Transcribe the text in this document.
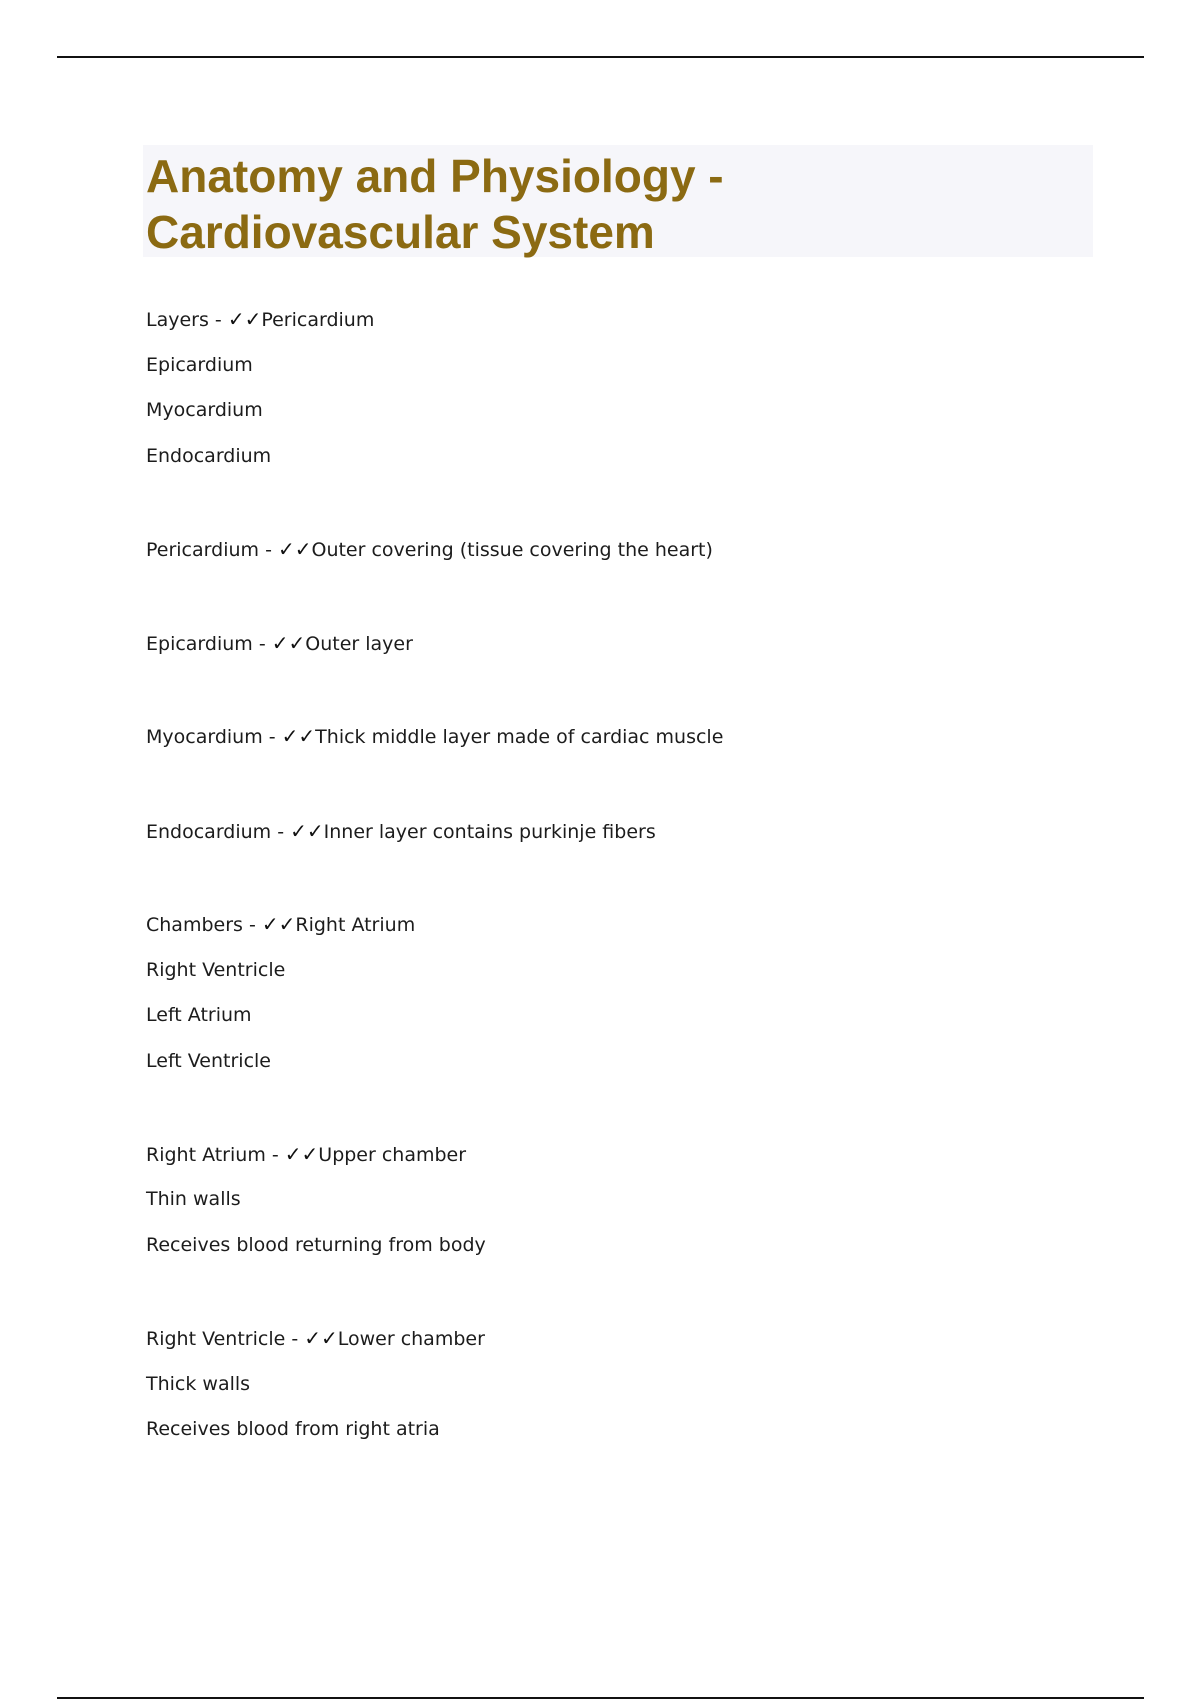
Anatomy and Physiology -
Cardiovascular System

Layers - ✓✓Pericardium

Epicardium

Myocardium

Endocardium

Pericardium - ✓✓Outer covering (tissue covering the heart)

Epicardium - ✓✓Outer layer

Myocardium - ✓✓Thick middle layer made of cardiac muscle

Endocardium - ✓✓Inner layer contains purkinje fibers

Chambers - ✓✓Right Atrium

Right Ventricle

Left Atrium

Left Ventricle

Right Atrium - ✓✓Upper chamber

Thin walls

Receives blood returning from body

Right Ventricle - ✓✓Lower chamber

Thick walls

Receives blood from right atria
